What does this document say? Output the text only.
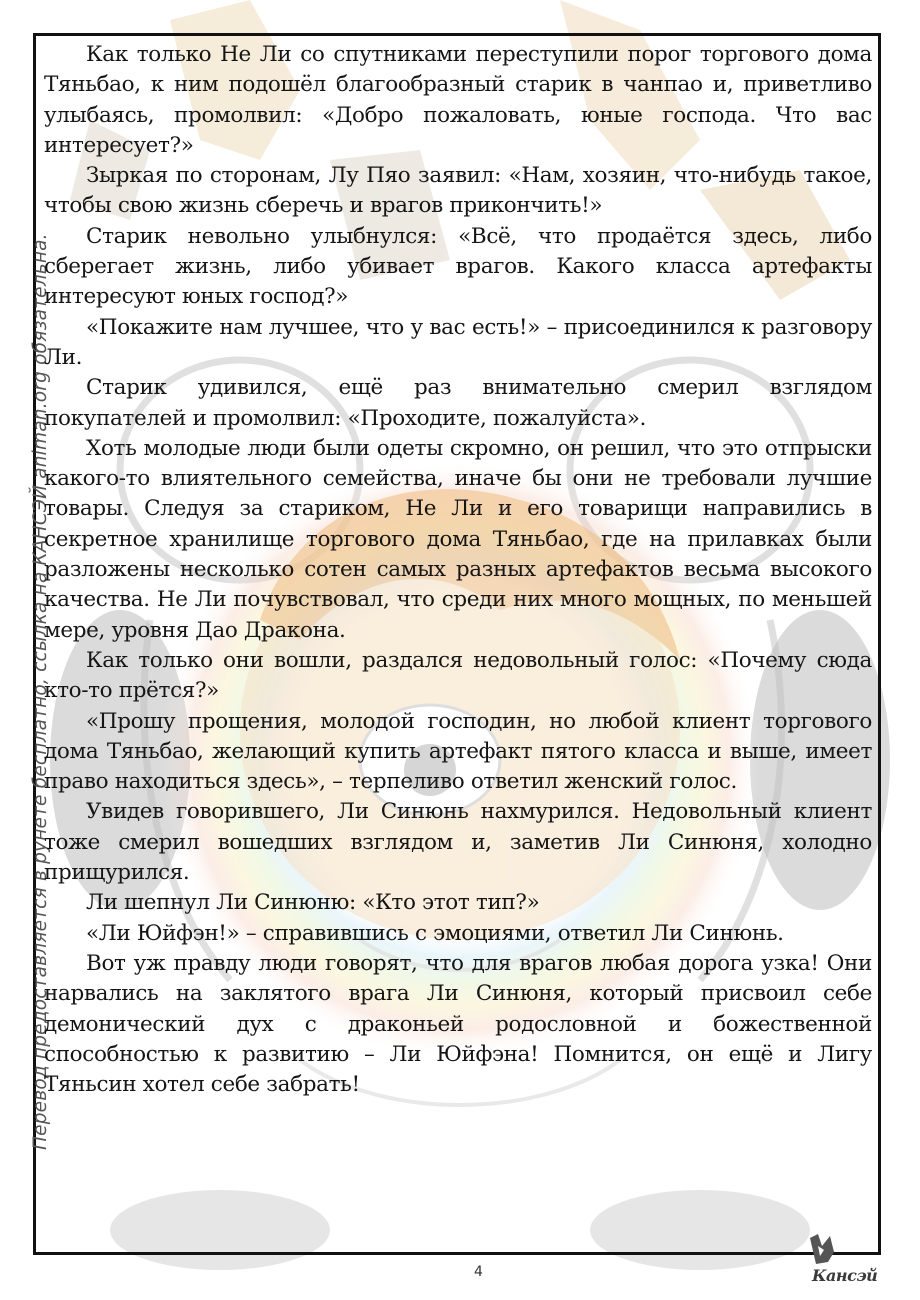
Перевод предоставляется в рунете бесплатно, ссылка на КАНСЭЙ animan.org обязательна.

Как только Не Ли со спутниками переступили порог торгового дома Тяньбао, к ним подошёл благообразный старик в чанпао и, приветливо улыбаясь, промолвил: «Добро пожаловать, юные господа. Что вас интересует?»

Зыркая по сторонам, Лу Пяо заявил: «Нам, хозяин, что-нибудь такое, чтобы свою жизнь сберечь и врагов прикончить!»

Старик невольно улыбнулся: «Всё, что продаётся здесь, либо сберегает жизнь, либо убивает врагов. Какого класса артефакты интересуют юных господ?»

«Покажите нам лучшее, что у вас есть!» – присоединился к разговору Ли.

Старик удивился, ещё раз внимательно смерил взглядом покупателей и промолвил: «Проходите, пожалуйста».

Хоть молодые люди были одеты скромно, он решил, что это отпрыски какого-то влиятельного семейства, иначе бы они не требовали лучшие товары. Следуя за стариком, Не Ли и его товарищи направились в секретное хранилище торгового дома Тяньбао, где на прилавках были разложены несколько сотен самых разных артефактов весьма высокого качества. Не Ли почувствовал, что среди них много мощных, по меньшей мере, уровня Дао Дракона.

Как только они вошли, раздался недовольный голос: «Почему сюда кто-то прётся?»

«Прошу прощения, молодой господин, но любой клиент торгового дома Тяньбао, желающий купить артефакт пятого класса и выше, имеет право находиться здесь», – терпеливо ответил женский голос.

Увидев говорившего, Ли Синюнь нахмурился. Недовольный клиент тоже смерил вошедших взглядом и, заметив Ли Синюня, холодно прищурился.

Ли шепнул Ли Синюню: «Кто этот тип?»

«Ли Юйфэн!» – справившись с эмоциями, ответил Ли Синюнь.

Вот уж правду люди говорят, что для врагов любая дорога узка! Они нарвались на заклятого врага Ли Синюня, который присвоил себе демонический дух с драконьей родословной и божественной способностью к развитию – Ли Юйфэна! Помнится, он ещё и Лигу Тяньсин хотел себе забрать!

4	Кансэй
